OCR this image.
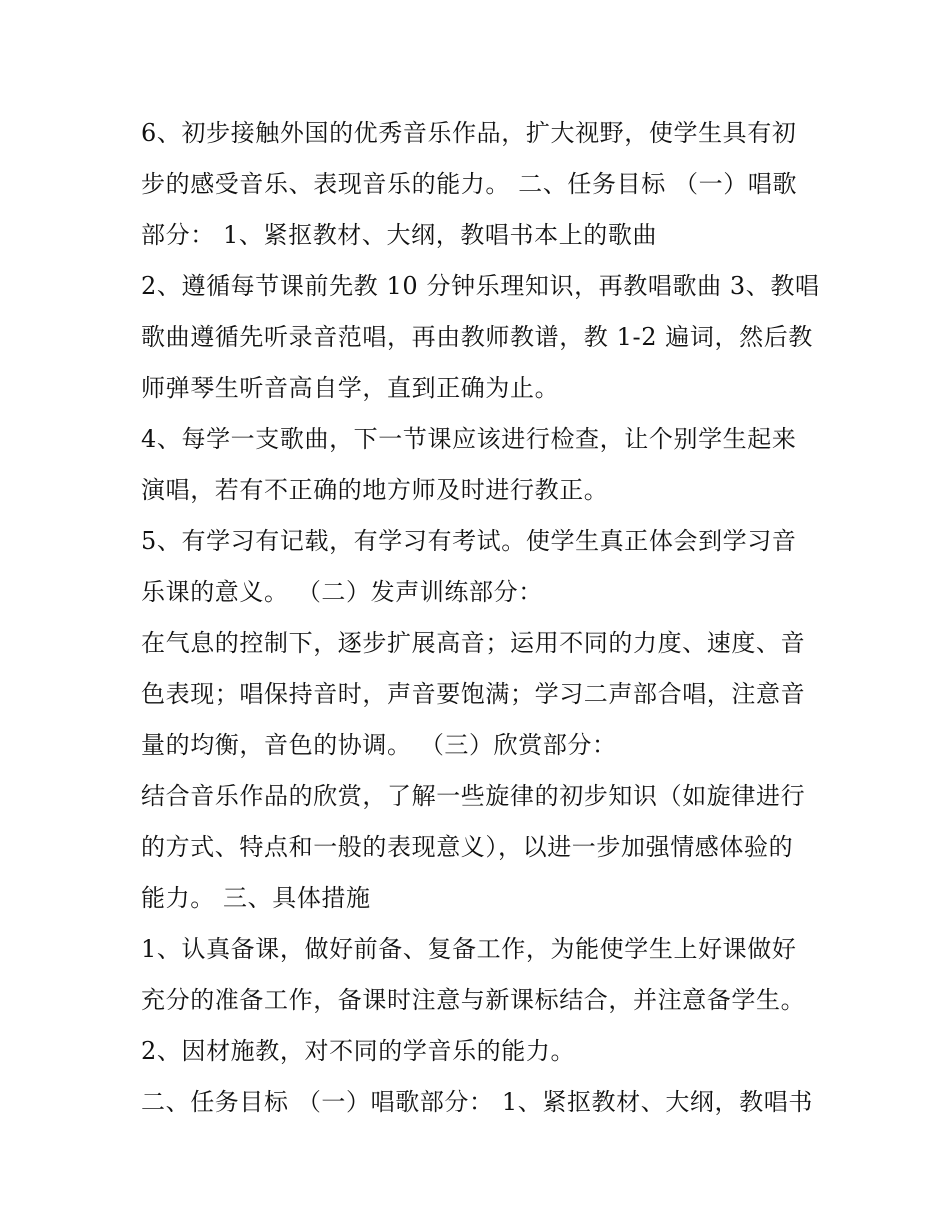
6、初步接触外国的优秀音乐作品，扩大视野，使学生具有初
步的感受音乐、表现音乐的能力。 二、任务目标 （一）唱歌
部分： 1、紧抠教材、大纲，教唱书本上的歌曲
2、遵循每节课前先教 10 分钟乐理知识，再教唱歌曲 3、教唱
歌曲遵循先听录音范唱，再由教师教谱，教 1-2 遍词，然后教
师弹琴生听音高自学，直到正确为止。
4、每学一支歌曲，下一节课应该进行检查，让个别学生起来
演唱，若有不正确的地方师及时进行教正。
5、有学习有记载，有学习有考试。使学生真正体会到学习音
乐课的意义。 （二）发声训练部分：
在气息的控制下，逐步扩展高音；运用不同的力度、速度、音
色表现；唱保持音时，声音要饱满；学习二声部合唱，注意音
量的均衡，音色的协调。 （三）欣赏部分：
结合音乐作品的欣赏，了解一些旋律的初步知识（如旋律进行
的方式、特点和一般的表现意义），以进一步加强情感体验的
能力。 三、具体措施
1、认真备课，做好前备、复备工作，为能使学生上好课做好
充分的准备工作，备课时注意与新课标结合，并注意备学生。
2、因材施教，对不同的学音乐的能力。
二、任务目标 （一）唱歌部分： 1、紧抠教材、大纲，教唱书
